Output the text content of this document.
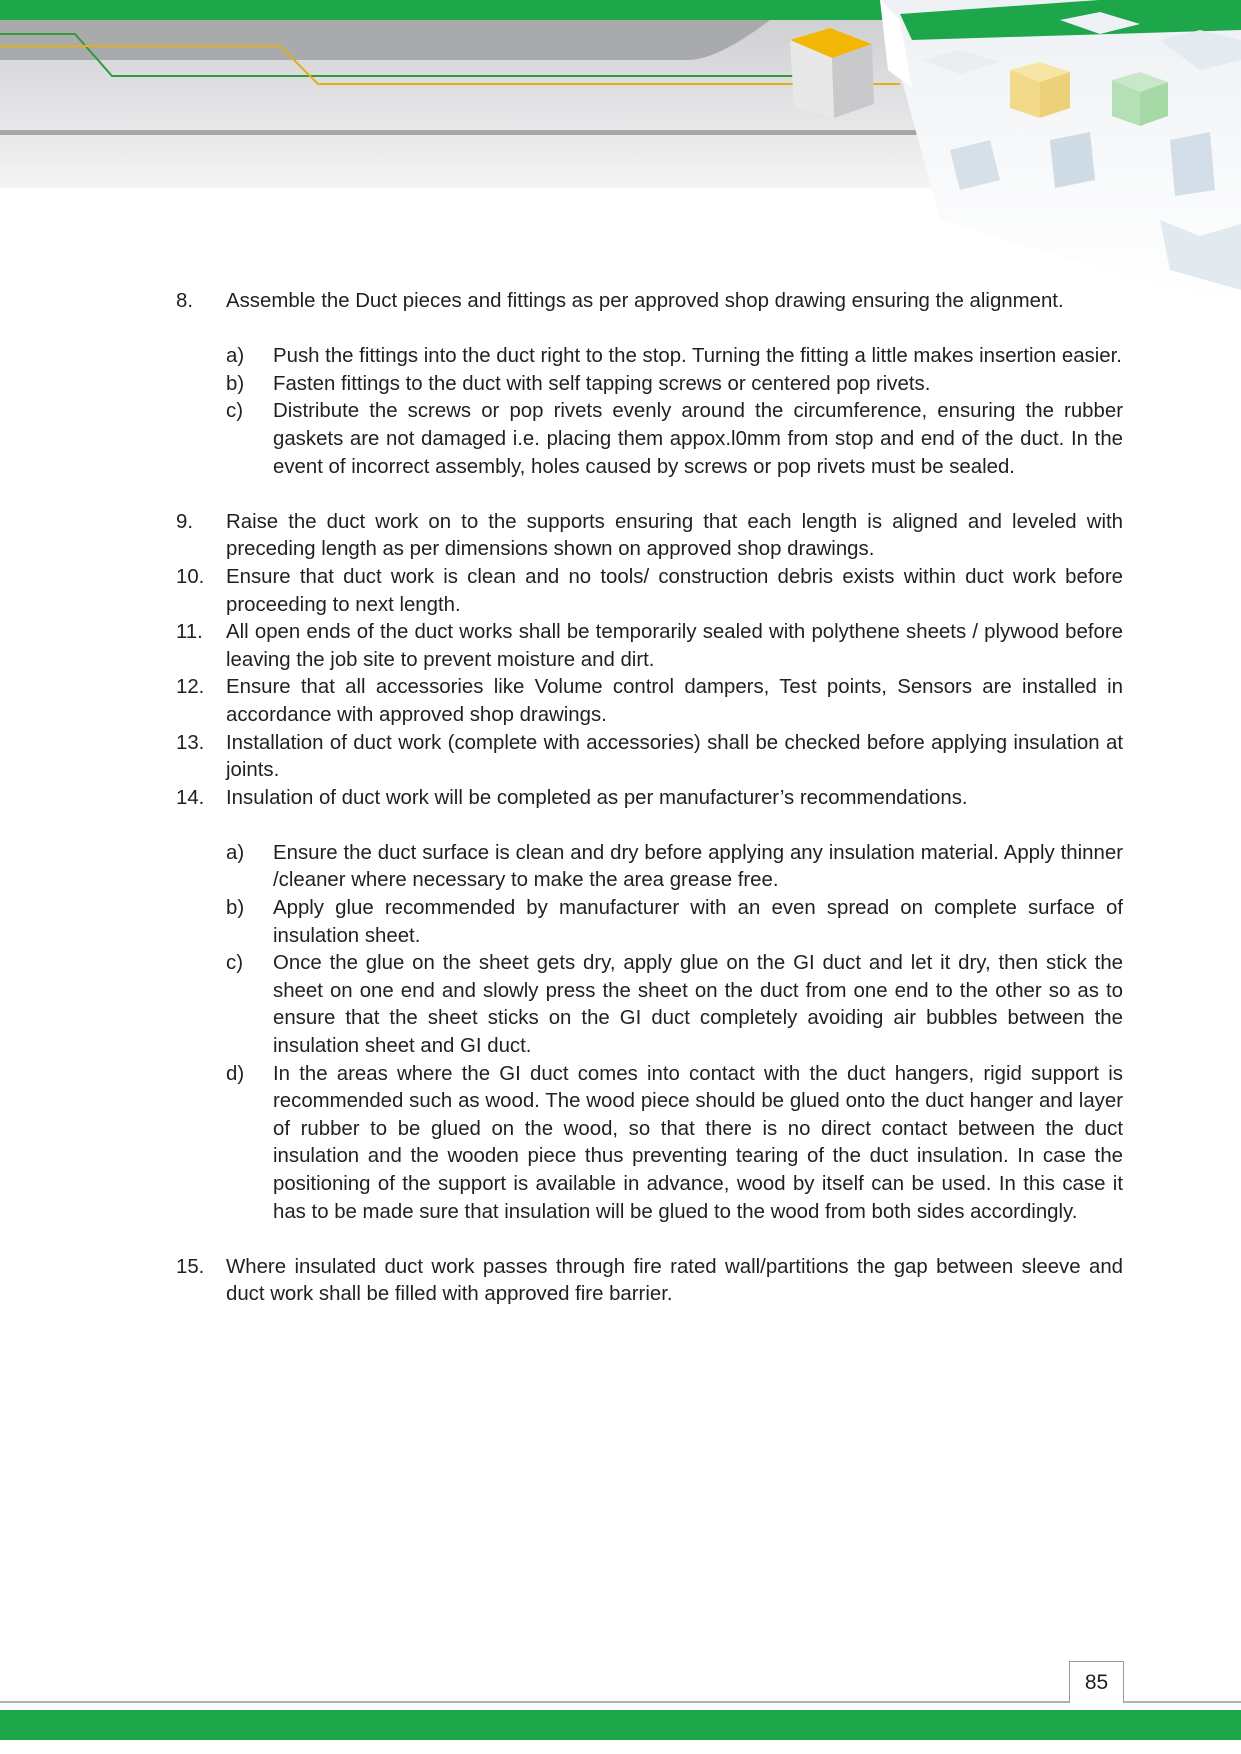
8.	Assemble the Duct pieces and fittings as per approved shop drawing ensuring the alignment.
a)	Push the fittings into the duct right to the stop. Turning the fitting a little makes insertion easier.
b)	Fasten fittings to the duct with self tapping screws or centered pop rivets.
c)	Distribute the screws or pop rivets evenly around the circumference, ensuring the rubber gaskets are not damaged i.e. placing them appox.l0mm from stop and end of the duct. In the event of incorrect assembly, holes caused by screws or pop rivets must be sealed.
9.	Raise the duct work on to the supports ensuring that each length is aligned and leveled with preceding length as per dimensions shown on approved shop drawings.
10.	Ensure that duct work is clean and no tools/ construction debris exists within duct work before proceeding to next length.
11.	All open ends of the duct works shall be temporarily sealed with polythene sheets / plywood before leaving the job site to prevent moisture and dirt.
12.	Ensure that all accessories like Volume control dampers, Test points, Sensors are installed in accordance with approved shop drawings.
13.	Installation of duct work (complete with accessories) shall be checked before applying insulation at joints.
14.	Insulation of duct work will be completed as per manufacturer’s recommendations.
a)	Ensure the duct surface is clean and dry before applying any insulation material. Apply thinner /cleaner where necessary to make the area grease free.
b)	Apply glue recommended by manufacturer with an even spread on complete surface of insulation sheet.
c)	Once the glue on the sheet gets dry, apply glue on the GI duct and let it dry, then stick the sheet on one end and slowly press the sheet on the duct from one end to the other so as to ensure that the sheet sticks on the GI duct completely avoiding air bubbles between the insulation sheet and GI duct.
d)	In the areas where the GI duct comes into contact with the duct hangers, rigid support is recommended such as wood. The wood piece should be glued onto the duct hanger and layer of rubber to be glued on the wood, so that there is no direct contact between the duct insulation and the wooden piece thus preventing tearing of the duct insulation. In case the positioning of the support is available in advance, wood by itself can be used. In this case it has to be made sure that insulation will be glued to the wood from both sides accordingly.
15.	Where insulated duct work passes through fire rated wall/partitions the gap between sleeve and duct work shall be filled with approved fire barrier.
85
